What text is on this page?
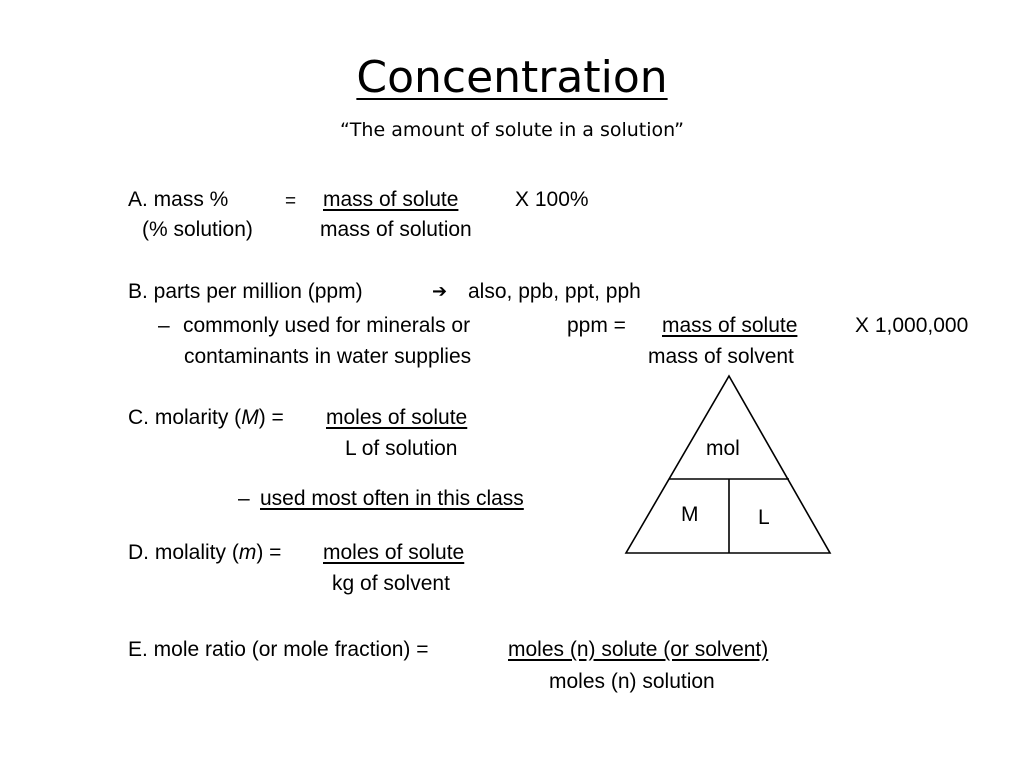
Concentration
“The amount of solute in a solution”
A. mass %
(% solution)
= mass of solute
mass of solution
X 100%
B. parts per million (ppm)	➔ also, ppb, ppt, pph
– commonly used for minerals or
contaminants in water supplies
ppm = mass of solute
mass of solvent
X 1,000,000
C. molarity (M) = moles of solute
L of solution
– used most often in this class
D. molality (m) = moles of solute
kg of solvent
E. mole ratio (or mole fraction) =	moles (n) solute (or solvent)
moles (n) solution
mol
M	L
